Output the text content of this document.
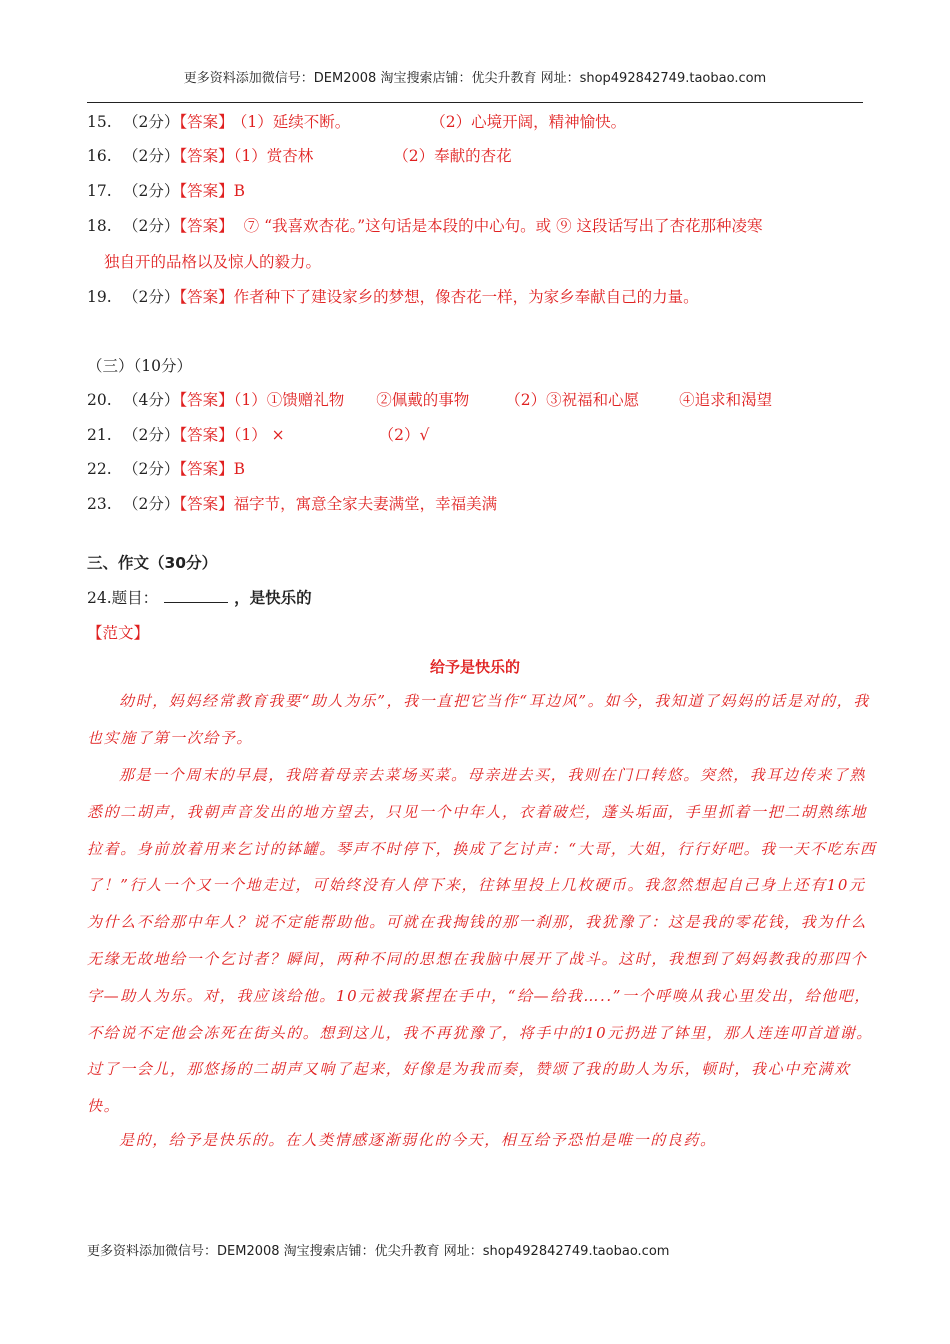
更多资料添加微信号：DEM2008 淘宝搜索店铺：优尖升教育 网址：shop492842749.taobao.com
15. （2分）【答案】 （1）延续不断。	（2）心境开阔，精神愉快。
16. （2分）【答案】（1）赏杏林	（2）奉献的杏花
17. （2分）【答案】B
18. （2分）【答案】 ⑦ “我喜欢杏花。”这句话是本段的中心句。或 ⑨ 这段话写出了杏花那种凌寒
独自开的品格以及惊人的毅力。
19. （2分）【答案】作者种下了建设家乡的梦想，像杏花一样，为家乡奉献自己的力量。
（三）（10分）
20. （4分）【答案】（1）①馈赠礼物 ②佩戴的事物 （2）③祝福和心愿	④追求和渴望
21. （2分）【答案】（1） ×	（2）√
22. （2分）【答案】B
23. （2分）【答案】福字节，寓意全家夫妻满堂，幸福美满
三、作文（30分）
24.题目：	，是快乐的
【范文】
给予是快乐的

幼时，妈妈经常教育我要“助人为乐”，我一直把它当作“耳边风”。如今，我知道了妈妈的话是对的，我也实施了第一次给予。

那是一个周末的早晨，我陪着母亲去菜场买菜。母亲进去买，我则在门口转悠。突然，我耳边传来了熟悉的二胡声，我朝声音发出的地方望去，只见一个中年人，衣着破烂，蓬头垢面，手里抓着一把二胡熟练地拉着。身前放着用来乞讨的钵罐。琴声不时停下，换成了乞讨声：“大哥，大姐，行行好吧。我一天不吃东西了！”行人一个又一个地走过，可始终没有人停下来，往钵里投上几枚硬币。我忽然想起自己身上还有10元为什么不给那中年人？说不定能帮助他。可就在我掏钱的那一刹那，我犹豫了：这是我的零花钱，我为什么无缘无故地给一个乞讨者？瞬间，两种不同的思想在我脑中展开了战斗。这时，我想到了妈妈教我的那四个字—助人为乐。对，我应该给他。10元被我紧捏在手中，“给—给我…..”一个呼唤从我心里发出，给他吧，不给说不定他会冻死在街头的。想到这儿，我不再犹豫了，将手中的10元扔进了钵里，那人连连叩首道谢。过了一会儿，那悠扬的二胡声又响了起来，好像是为我而奏，赞颂了我的助人为乐，顿时，我心中充满欢快。

是的，给予是快乐的。在人类情感逐渐弱化的今天，相互给予恐怕是唯一的良药。

更多资料添加微信号：DEM2008 淘宝搜索店铺：优尖升教育 网址：shop492842749.taobao.com
